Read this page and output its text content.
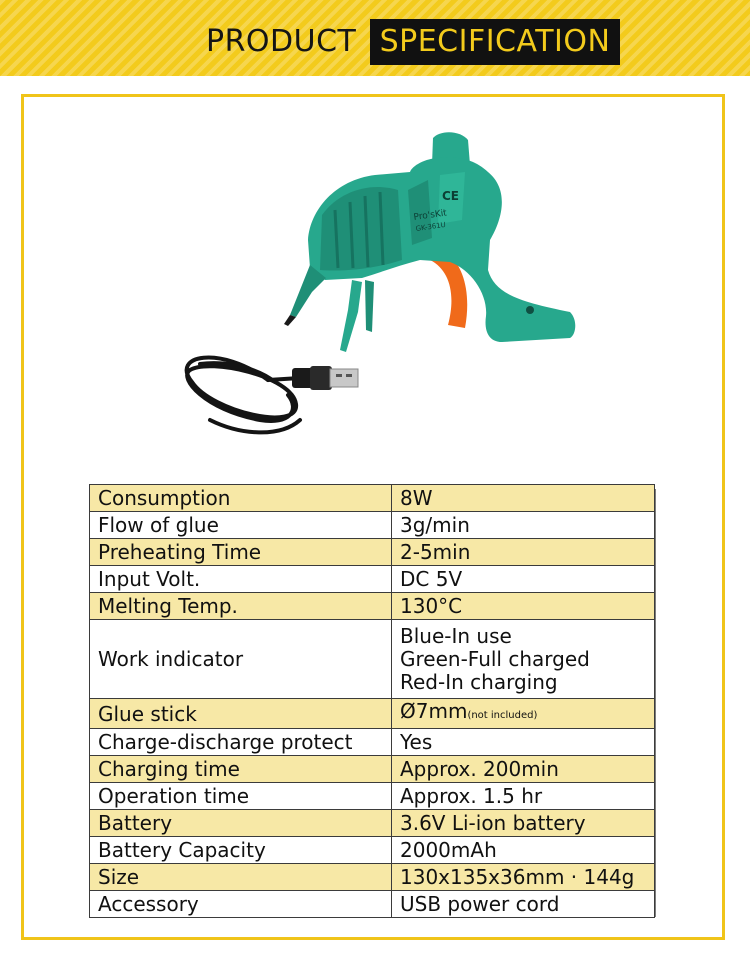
PRODUCT SPECIFICATION
Pro'sKit
GK-361U
CE
Consumption	8W
Flow of glue	3g/min
Preheating Time	2-5min
Input Volt.	DC 5V
Melting Temp.	130°C
Work indicator	Blue-In use
Green-Full charged
Red-In charging

Glue stick	Ø7mm(not included)
Charge-discharge protect	Yes
Charging time	Approx. 200min
Operation time	Approx. 1.5 hr
Battery	3.6V Li-ion battery
Battery Capacity	2000mAh
Size	130x135x36mm · 144g
Accessory	USB power cord
